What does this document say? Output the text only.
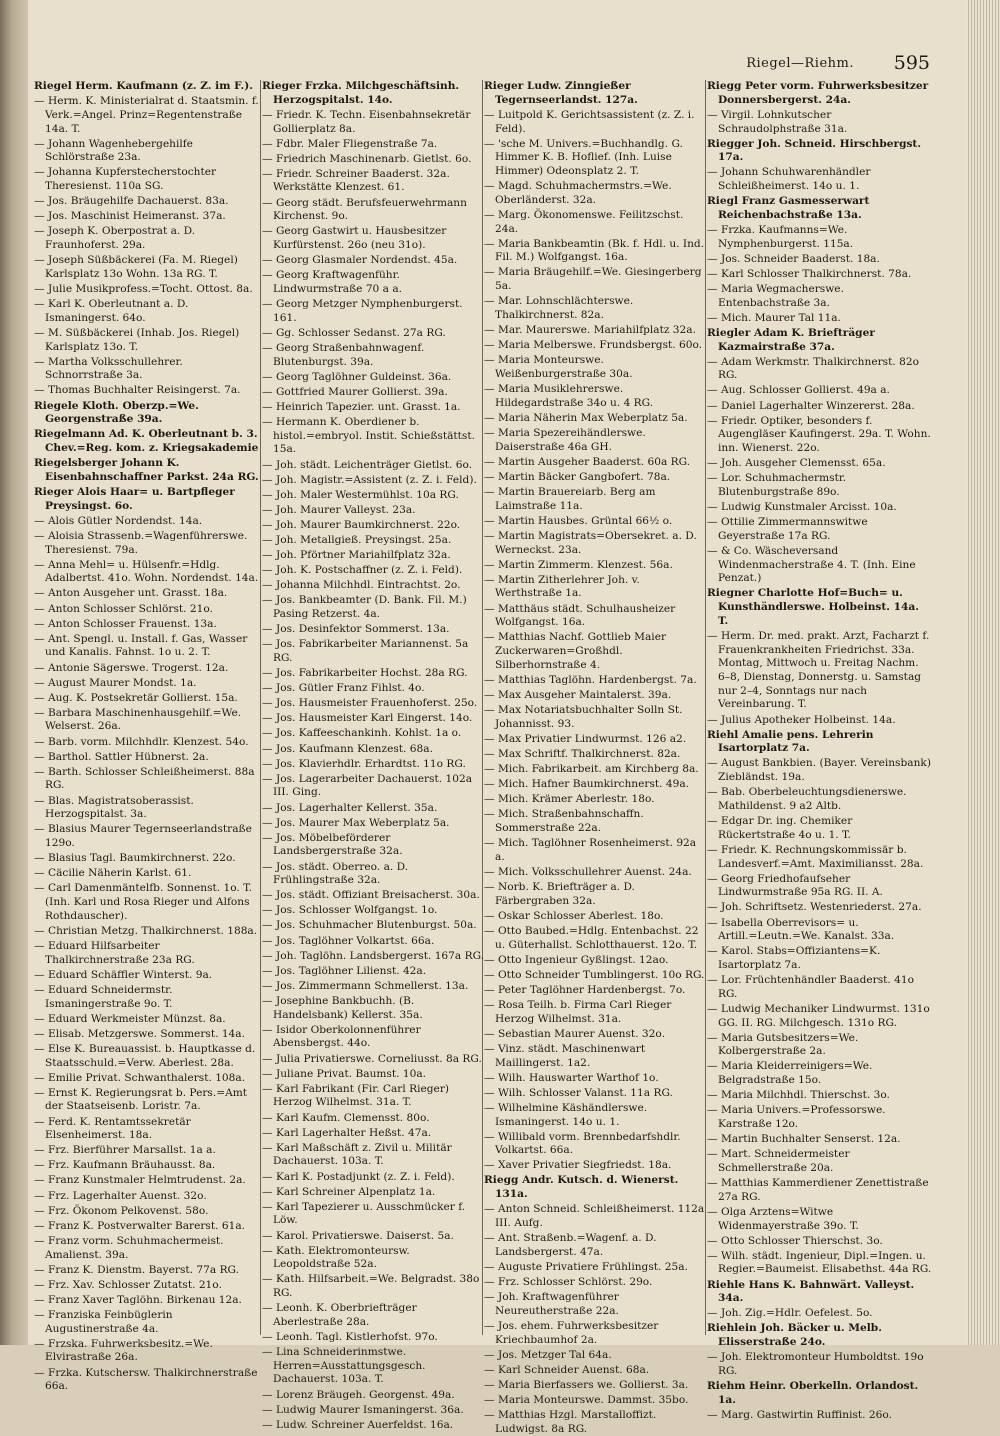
Riegel—Riehm. 595
Riegel Herm. Kaufmann (z. Z. im F.).
— Herm. K. Ministerialrat d. Staatsmin. f. Verk.=Angel. Prinz=Regentenstraße 14a. T.
— Johann Wagenhebergehilfe Schlörstraße 23a.
— Johanna Kupferstecherstochter Theresienst. 110a SG.
— Jos. Bräugehilfe Dachauerst. 83a.
— Jos. Maschinist Heimeranst. 37a.
— Joseph K. Oberpostrat a. D. Fraunhoferst. 29a.
— Joseph Süßbäckerei (Fa. M. Riegel) Karlsplatz 13o Wohn. 13a RG. T.
— Julie Musikprofess.=Tocht. Ottost. 8a.
— Karl K. Oberleutnant a. D. Ismaningerst. 64o.
— M. Süßbäckerei (Inhab. Jos. Riegel) Karlsplatz 13o. T.
— Martha Volksschullehrer. Schnorrstraße 3a.
— Thomas Buchhalter Reisingerst. 7a.
Riegele Kloth. Oberzp.=We. Georgenstraße 39a.
Riegelmann Ad. K. Oberleutnant b. 3. Chev.=Reg. kom. z. Kriegsakademie
Riegelsberger Johann K. Eisenbahnschaffner Parkst. 24a RG.
Rieger Alois Haar= u. Bartpfleger Preysingst. 6o.
— Alois Gütler Nordendst. 14a.
— Aloisia Strassenb.=Wagenführerswe. Theresienst. 79a.
— Anna Mehl= u. Hülsenfr.=Hdlg. Adalbertst. 41o. Wohn. Nordendst. 14a.
— Anton Ausgeher unt. Grasst. 18a.
— Anton Schlosser Schlörst. 21o.
— Anton Schlosser Frauenst. 13a.
— Ant. Spengl. u. Install. f. Gas, Wasser und Kanalis. Fahnst. 1o u. 2. T.
— Antonie Sägerswe. Trogerst. 12a.
— August Maurer Mondst. 1a.
— Aug. K. Postsekretär Gollierst. 15a.
— Barbara Maschinenhausgehilf.=We. Welserst. 26a.
— Barb. vorm. Milchhdlr. Klenzest. 54o.
— Barthol. Sattler Hübnerst. 2a.
— Barth. Schlosser Schleißheimerst. 88a RG.
— Blas. Magistratsoberassist. Herzogspitalst. 3a.
— Blasius Maurer Tegernseerlandstraße 129o.
— Blasius Tagl. Baumkirchnerst. 22o.
— Cäcilie Näherin Karlst. 61.
— Carl Damenmäntelfb. Sonnenst. 1o. T. (Inh. Karl und Rosa Rieger und Alfons Rothdauscher).
— Christian Metzg. Thalkirchnerst. 188a.
— Eduard Hilfsarbeiter Thalkirchnerstraße 23a RG.
— Eduard Schäffler Winterst. 9a.
— Eduard Schneidermstr. Ismaningerstraße 9o. T.
— Eduard Werkmeister Münzst. 8a.
— Elisab. Metzgerswe. Sommerst. 14a.
— Else K. Bureauassist. b. Hauptkasse d. Staatsschuld.=Verw. Aberlest. 28a.
— Emilie Privat. Schwanthalerst. 108a.
— Ernst K. Regierungsrat b. Pers.=Amt der Staatseisenb. Loristr. 7a.
— Ferd. K. Rentamtssekretär Elsenheimerst. 18a.
— Frz. Bierführer Marsallst. 1a a.
— Frz. Kaufmann Bräuhausst. 8a.
— Franz Kunstmaler Helmtrudenst. 2a.
— Frz. Lagerhalter Auenst. 32o.
— Frz. Ökonom Pelkovenst. 58o.
— Franz K. Postverwalter Barerst. 61a.
— Franz vorm. Schuhmachermeist. Amalienst. 39a.
— Franz K. Dienstm. Bayerst. 77a RG.
— Frz. Xav. Schlosser Zutatst. 21o.
— Franz Xaver Taglöhn. Birkenau 12a.
— Franziska Feinbüglerin Augustinerstraße 4a.
— Frzska. Fuhrwerksbesitz.=We. Elvirastraße 26a.
— Frzka. Kutschersw. Thalkirchnerstraße 66a.
Rieger Frzka. Milchgeschäftsinh. Herzogspitalst. 14o.
— Friedr. K. Techn. Eisenbahnsekretär Gollierplatz 8a.
— Fdbr. Maler Fliegenstraße 7a.
— Friedrich Maschinenarb. Gietlst. 6o.
— Friedr. Schreiner Baaderst. 32a. Werkstätte Klenzest. 61.
— Georg städt. Berufsfeuerwehrmann Kirchenst. 9o.
— Georg Gastwirt u. Hausbesitzer Kurfürstenst. 26o (neu 31o).
— Georg Glasmaler Nordendst. 45a.
— Georg Kraftwagenführ. Lindwurmstraße 70 a a.
— Georg Metzger Nymphenburgerst. 161.
— Gg. Schlosser Sedanst. 27a RG.
— Georg Straßenbahnwagenf. Blutenburgst. 39a.
— Georg Taglöhner Guldeinst. 36a.
— Gottfried Maurer Gollierst. 39a.
— Heinrich Tapezier. unt. Grasst. 1a.
— Hermann K. Oberdiener b. histol.=embryol. Instit. Schießstättst. 15a.
— Joh. städt. Leichenträger Gietlst. 6o.
— Joh. Magistr.=Assistent (z. Z. i. Feld).
— Joh. Maler Westermühlst. 10a RG.
— Joh. Maurer Valleyst. 23a.
— Joh. Maurer Baumkirchnerst. 22o.
— Joh. Metallgieß. Preysingst. 25a.
— Joh. Pförtner Mariahilfplatz 32a.
— Joh. K. Postschaffner (z. Z. i. Feld).
— Johanna Milchhdl. Eintrachtst. 2o.
— Jos. Bankbeamter (D. Bank. Fil. M.) Pasing Retzerst. 4a.
— Jos. Desinfektor Sommerst. 13a.
— Jos. Fabrikarbeiter Mariannenst. 5a RG.
— Jos. Fabrikarbeiter Hochst. 28a RG.
— Jos. Gütler Franz Fihlst. 4o.
— Jos. Hausmeister Frauenhoferst. 25o.
— Jos. Hausmeister Karl Eingerst. 14o.
— Jos. Kaffeeschankinh. Kohlst. 1a o.
— Jos. Kaufmann Klenzest. 68a.
— Jos. Klavierhdlr. Erhardtst. 11o RG.
— Jos. Lagerarbeiter Dachauerst. 102a III. Ging.
— Jos. Lagerhalter Kellerst. 35a.
— Jos. Maurer Max Weberplatz 5a.
— Jos. Möbelbeförderer Landsbergerstraße 32a.
— Jos. städt. Oberreo. a. D. Frühlingstraße 32a.
— Jos. städt. Offiziant Breisacherst. 30a.
— Jos. Schlosser Wolfgangst. 1o.
— Jos. Schuhmacher Blutenburgst. 50a.
— Jos. Taglöhner Volkartst. 66a.
— Joh. Taglöhn. Landsbergerst. 167a RG.
— Jos. Taglöhner Lilienst. 42a.
— Jos. Zimmermann Schmellerst. 13a.
— Josephine Bankbuchh. (B. Handelsbank) Kellerst. 35a.
— Isidor Oberkolonnenführer Abensbergst. 44o.
— Julia Privatierswe. Corneliusst. 8a RG.
— Juliane Privat. Baumst. 10a.
— Karl Fabrikant (Fir. Carl Rieger) Herzog Wilhelmst. 31a. T.
— Karl Kaufm. Clemensst. 80o.
— Karl Lagerhalter Heßst. 47a.
— Karl Maßschäft z. Zivil u. Militär Dachauerst. 103a. T.
— Karl K. Postadjunkt (z. Z. i. Feld).
— Karl Schreiner Alpenplatz 1a.
— Karl Tapezierer u. Ausschmücker f. Löw.
— Karol. Privatierswe. Daiserst. 5a.
— Kath. Elektromonteursw. Leopoldstraße 52a.
— Kath. Hilfsarbeit.=We. Belgradst. 38o RG.
— Leonh. K. Oberbriefträger Aberlestraße 28a.
— Leonh. Tagl. Kistlerhofst. 97o.
— Lina Schneiderinmstwe. Herren=Ausstattungsgesch. Dachauerst. 103a. T.
— Lorenz Bräugeh. Georgenst. 49a.
— Ludwig Maurer Ismaningerst. 36a.
— Ludw. Schreiner Auerfeldst. 16a.
Rieger Ludw. Zinngießer Tegernseerlandst. 127a.
— Luitpold K. Gerichtsassistent (z. Z. i. Feld).
— 'sche M. Univers.=Buchhandlg. G. Himmer K. B. Hoflief. (Inh. Luise Himmer) Odeonsplatz 2. T.
— Magd. Schuhmachermstrs.=We. Oberländerst. 32a.
— Marg. Ökonomenswe. Feilitzschst. 24a.
— Maria Bankbeamtin (Bk. f. Hdl. u. Ind. Fil. M.) Wolfgangst. 16a.
— Maria Bräugehilf.=We. Giesingerberg 5a.
— Mar. Lohnschlächterswe. Thalkirchnerst. 82a.
— Mar. Maurerswe. Mariahilfplatz 32a.
— Maria Melberswe. Frundsbergst. 60o.
— Maria Monteurswe. Weißenburgerstraße 30a.
— Maria Musiklehrerswe. Hildegardstraße 34o u. 4 RG.
— Maria Näherin Max Weberplatz 5a.
— Maria Spezereihändlerswe. Daiserstraße 46a GH.
— Martin Ausgeher Baaderst. 60a RG.
— Martin Bäcker Gangbofert. 78a.
— Martin Brauereiarb. Berg am Laimstraße 11a.
— Martin Hausbes. Grüntal 66½ o.
— Martin Magistrats=Obersekret. a. D. Werneckst. 23a.
— Martin Zimmerm. Klenzest. 56a.
— Martin Zitherlehrer Joh. v. Werthstraße 1a.
— Matthäus städt. Schulhausheizer Wolfgangst. 16a.
— Matthias Nachf. Gottlieb Maier Zuckerwaren=Großhdl. Silberhornstraße 4.
— Matthias Taglöhn. Hardenbergst. 7a.
— Max Ausgeher Maintalerst. 39a.
— Max Notariatsbuchhalter Solln St. Johannisst. 93.
— Max Privatier Lindwurmst. 126 a2.
— Max Schriftf. Thalkirchnerst. 82a.
— Mich. Fabrikarbeit. am Kirchberg 8a.
— Mich. Hafner Baumkirchnerst. 49a.
— Mich. Krämer Aberlestr. 18o.
— Mich. Straßenbahnschaffn. Sommerstraße 22a.
— Mich. Taglöhner Rosenheimerst. 92a a.
— Mich. Volksschullehrer Auenst. 24a.
— Norb. K. Briefträger a. D. Färbergraben 32a.
— Oskar Schlosser Aberlest. 18o.
— Otto Baubed.=Hdlg. Entenbachst. 22 u. Güterhallst. Schlotthauerst. 12o. T.
— Otto Ingenieur Gyßlingst. 12ao.
— Otto Schneider Tumblingerst. 10o RG.
— Peter Taglöhner Hardenbergst. 7o.
— Rosa Teilh. b. Firma Carl Rieger Herzog Wilhelmst. 31a.
— Sebastian Maurer Auenst. 32o.
— Vinz. städt. Maschinenwart Maillingerst. 1a2.
— Wilh. Hauswarter Warthof 1o.
— Wilh. Schlosser Valanst. 11a RG.
— Wilhelmine Käshändlerswe. Ismaningerst. 14o u. 1.
— Willibald vorm. Brennbedarfshdlr. Volkartst. 66a.
— Xaver Privatier Siegfriedst. 18a.
Riegg Andr. Kutsch. d. Wienerst. 131a.
— Anton Schneid. Schleißheimerst. 112a III. Aufg.
— Ant. Straßenb.=Wagenf. a. D. Landsbergerst. 47a.
— Auguste Privatiere Frühlingst. 25a.
— Frz. Schlosser Schlörst. 29o.
— Joh. Kraftwagenführer Neureutherstraße 22a.
— Jos. ehem. Fuhrwerksbesitzer Kriechbaumhof 2a.
— Jos. Metzger Tal 64a.
— Karl Schneider Auenst. 68a.
— Maria Bierfassers we. Gollierst. 3a.
— Maria Monteurswe. Dammst. 35bo.
— Matthias Hzgl. Marstalloffizt. Ludwigst. 8a RG.
Riegg Peter vorm. Fuhrwerksbesitzer Donnersbergerst. 24a.
— Virgil. Lohnkutscher Schraudolphstraße 31a.
Riegger Joh. Schneid. Hirschbergst. 17a.
— Johann Schuhwarenhändler Schleißheimerst. 14o u. 1.
Riegl Franz Gasmesserwart Reichenbachstraße 13a.
— Frzka. Kaufmanns=We. Nymphenburgerst. 115a.
— Jos. Schneider Baaderst. 18a.
— Karl Schlosser Thalkirchnerst. 78a.
— Maria Wegmacherswe. Entenbachstraße 3a.
— Mich. Maurer Tal 11a.
Riegler Adam K. Briefträger Kazmairstraße 37a.
— Adam Werkmstr. Thalkirchnerst. 82o RG.
— Aug. Schlosser Gollierst. 49a a.
— Daniel Lagerhalter Winzererst. 28a.
— Friedr. Optiker, besonders f. Augengläser Kaufingerst. 29a. T. Wohn. inn. Wienerst. 22o.
— Joh. Ausgeher Clemensst. 65a.
— Lor. Schuhmachermstr. Blutenburgstraße 89o.
— Ludwig Kunstmaler Arcisst. 10a.
— Ottilie Zimmermannswitwe Geyerstraße 17a RG.
— & Co. Wäscheversand Windenmacherstraße 4. T. (Inh. Eine Penzat.)
Riegner Charlotte Hof=Buch= u. Kunsthändlerswe. Holbeinst. 14a. T.
— Herm. Dr. med. prakt. Arzt, Facharzt f. Frauenkrankheiten Friedrichst. 33a. Montag, Mittwoch u. Freitag Nachm. 6–8, Dienstag, Donnerstg. u. Samstag nur 2–4, Sonntags nur nach Vereinbarung. T.
— Julius Apotheker Holbeinst. 14a.
Riehl Amalie pens. Lehrerin Isartorplatz 7a.
— August Bankbien. (Bayer. Vereinsbank) Ziebländst. 19a.
— Bab. Oberbeleuchtungsdienerswe. Mathildenst. 9 a2 Altb.
— Edgar Dr. ing. Chemiker Rückertstraße 4o u. 1. T.
— Friedr. K. Rechnungskommissär b. Landesverf.=Amt. Maximiliansst. 28a.
— Georg Friedhofaufseher Lindwurmstraße 95a RG. II. A.
— Joh. Schriftsetz. Westenriederst. 27a.
— Isabella Oberrevisors= u. Artill.=Leutn.=We. Kanalst. 33a.
— Karol. Stabs=Offiziantens=K. Isartorplatz 7a.
— Lor. Früchtenhändler Baaderst. 41o RG.
— Ludwig Mechaniker Lindwurmst. 131o GG. II. RG. Milchgesch. 131o RG.
— Maria Gutsbesitzers=We. Kolbergerstraße 2a.
— Maria Kleiderreinigers=We. Belgradstraße 15o.
— Maria Milchhdl. Thierschst. 3o.
— Maria Univers.=Professorswe. Karstraße 12o.
— Martin Buchhalter Senserst. 12a.
— Mart. Schneidermeister Schmellerstraße 20a.
— Matthias Kammerdiener Zenettistraße 27a RG.
— Olga Arztens=Witwe Widenmayerstraße 39o. T.
— Otto Schlosser Thierschst. 3o.
— Wilh. städt. Ingenieur, Dipl.=Ingen. u. Regier.=Baumeist. Elisabethst. 44a RG.
Riehle Hans K. Bahnwärt. Valleyst. 34a.
— Joh. Zig.=Hdlr. Oefelest. 5o.
Riehlein Joh. Bäcker u. Melb. Elisserstraße 24o.
— Joh. Elektromonteur Humboldtst. 19o RG.
Riehm Heinr. Oberkelln. Orlandost. 1a.
— Marg. Gastwirtin Ruffinist. 26o.
